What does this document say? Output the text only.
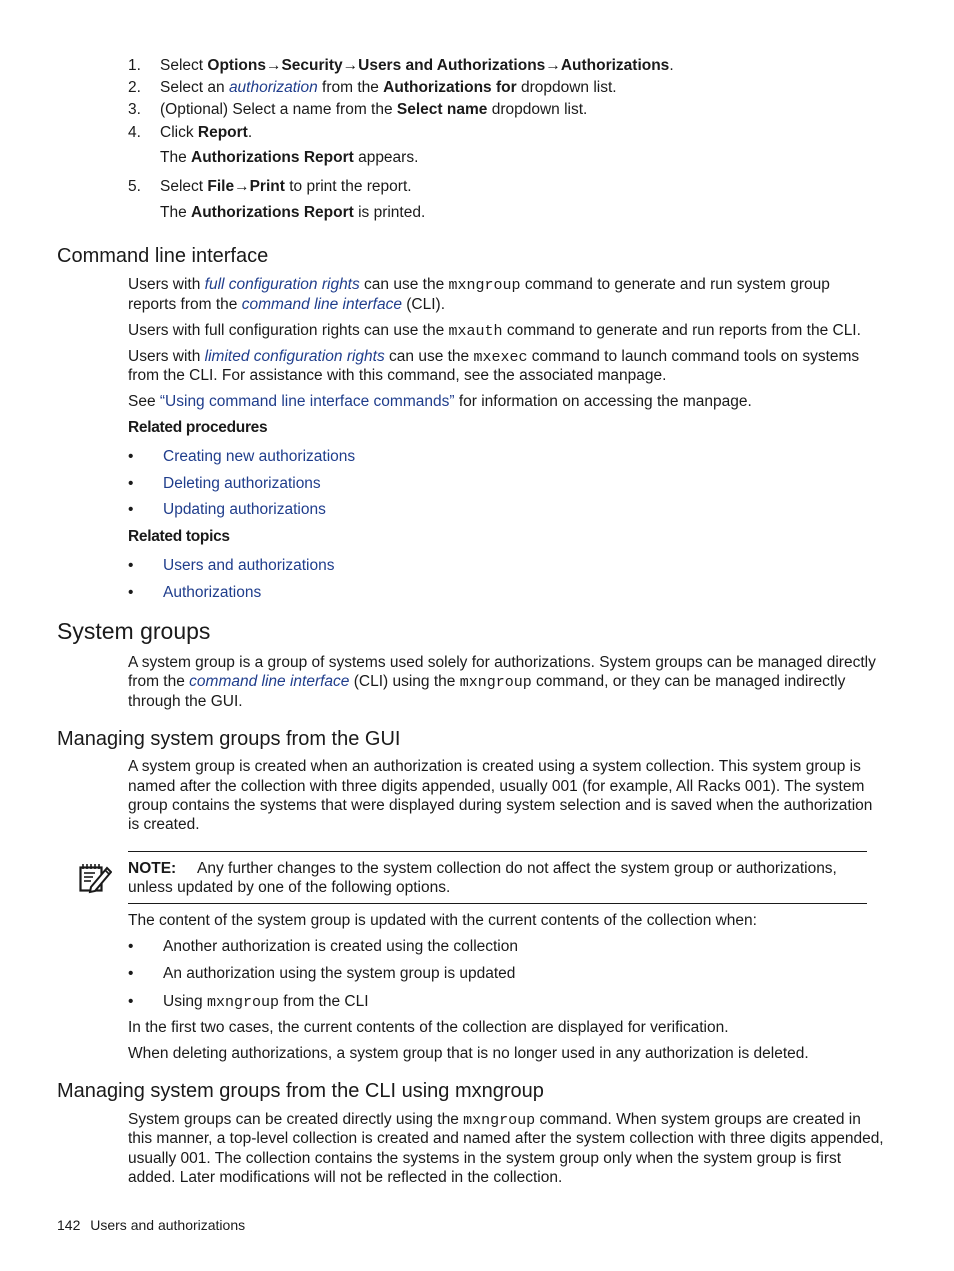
1. Select Options→Security→Users and Authorizations→Authorizations.
2. Select an authorization from the Authorizations for dropdown list.
3. (Optional) Select a name from the Select name dropdown list.
4. Click Report.
The Authorizations Report appears.
5. Select File→Print to print the report.
The Authorizations Report is printed.
Command line interface
Users with full configuration rights can use the mxngroup command to generate and run system group
reports from the command line interface (CLI).
Users with full configuration rights can use the mxauth command to generate and run reports from the CLI.
Users with limited configuration rights can use the mxexec command to launch command tools on systems
from the CLI. For assistance with this command, see the associated manpage.
See “Using command line interface commands” for information on accessing the manpage.
Related procedures
• Creating new authorizations
• Deleting authorizations
• Updating authorizations
Related topics
• Users and authorizations
• Authorizations
System groups
A system group is a group of systems used solely for authorizations. System groups can be managed directly
from the command line interface (CLI) using the mxngroup command, or they can be managed indirectly
through the GUI.
Managing system groups from the GUI
A system group is created when an authorization is created using a system collection. This system group is
named after the collection with three digits appended, usually 001 (for example, All Racks 001). The system
group contains the systems that were displayed during system selection and is saved when the authorization
is created.
NOTE: Any further changes to the system collection do not affect the system group or authorizations,
unless updated by one of the following options.
The content of the system group is updated with the current contents of the collection when:
• Another authorization is created using the collection
• An authorization using the system group is updated
• Using mxngroup from the CLI
In the first two cases, the current contents of the collection are displayed for verification.
When deleting authorizations, a system group that is no longer used in any authorization is deleted.
Managing system groups from the CLI using mxngroup
System groups can be created directly using the mxngroup command. When system groups are created in
this manner, a top-level collection is created and named after the system collection with three digits appended,
usually 001. The collection contains the systems in the system group only when the system group is first
added. Later modifications will not be reflected in the collection.
142 Users and authorizations
